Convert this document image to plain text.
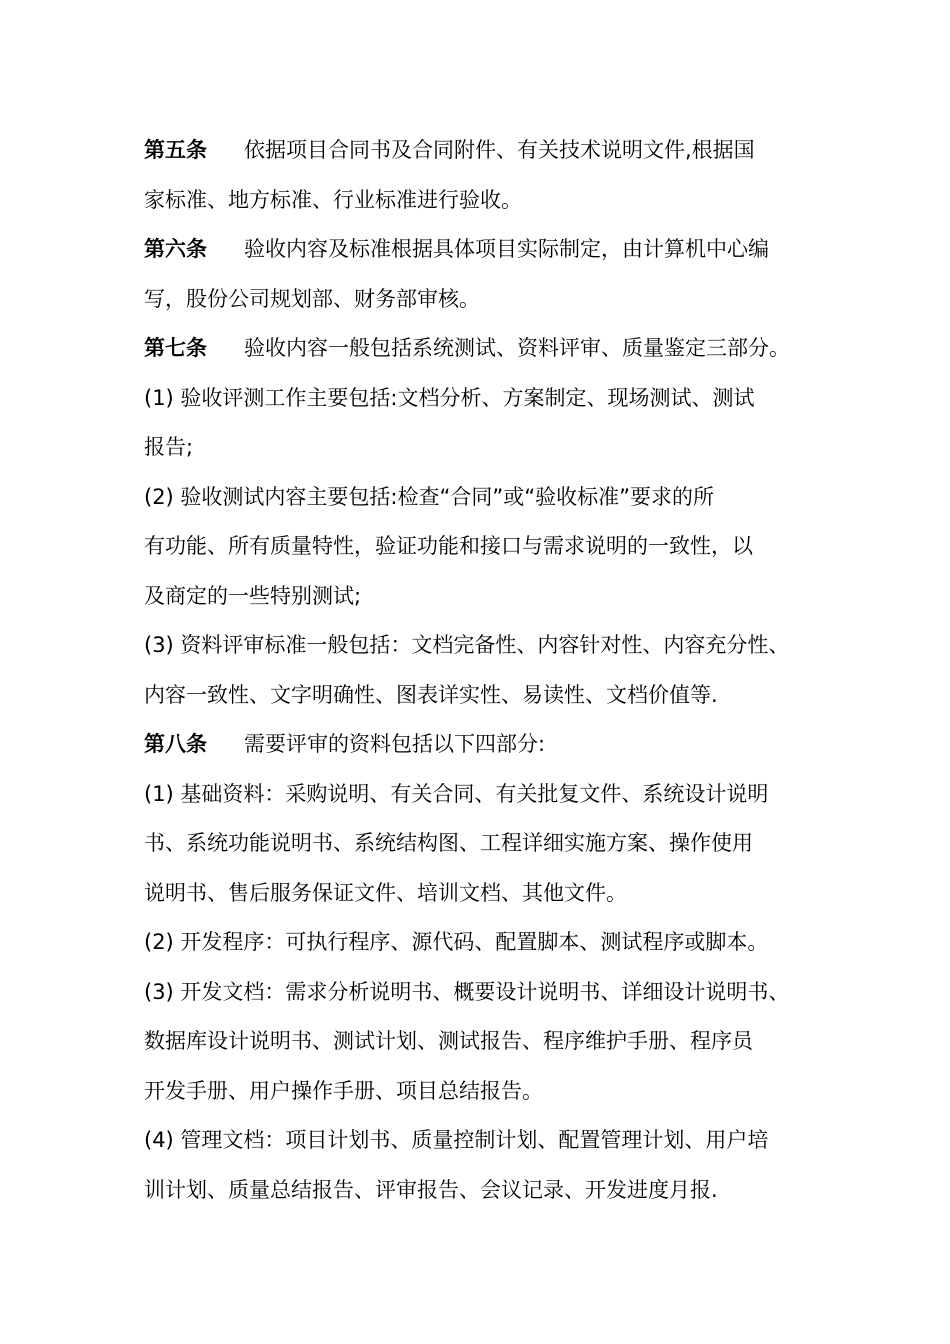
第五条 依据项目合同书及合同附件、有关技术说明文件,根据国
家标准、地方标准、行业标准进行验收。
第六条 验收内容及标准根据具体项目实际制定，由计算机中心编
写，股份公司规划部、财务部审核。
第七条 验收内容一般包括系统测试、资料评审、质量鉴定三部分。
(1) 验收评测工作主要包括:文档分析、方案制定、现场测试、测试
报告;
(2) 验收测试内容主要包括:检查“合同”或“验收标准”要求的所
有功能、所有质量特性，验证功能和接口与需求说明的一致性，以
及商定的一些特别测试;
(3) 资料评审标准一般包括：文档完备性、内容针对性、内容充分性、
内容一致性、文字明确性、图表详实性、易读性、文档价值等.
第八条 需要评审的资料包括以下四部分:
(1) 基础资料：采购说明、有关合同、有关批复文件、系统设计说明
书、系统功能说明书、系统结构图、工程详细实施方案、操作使用
说明书、售后服务保证文件、培训文档、其他文件。
(2) 开发程序：可执行程序、源代码、配置脚本、测试程序或脚本。
(3) 开发文档：需求分析说明书、概要设计说明书、详细设计说明书、
数据库设计说明书、测试计划、测试报告、程序维护手册、程序员
开发手册、用户操作手册、项目总结报告。
(4) 管理文档：项目计划书、质量控制计划、配置管理计划、用户培
训计划、质量总结报告、评审报告、会议记录、开发进度月报.
